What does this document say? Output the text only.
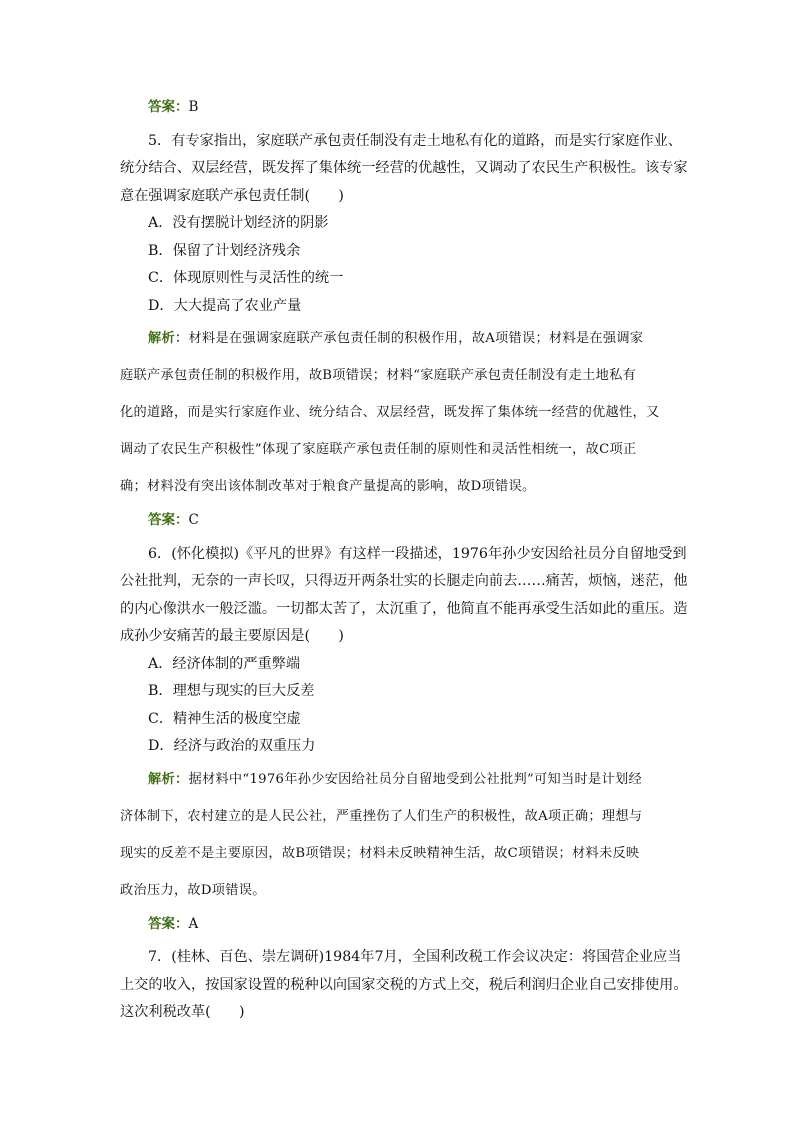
答案：B
5．有专家指出，家庭联产承包责任制没有走土地私有化的道路，而是实行家庭作业、
统分结合、双层经营，既发挥了集体统一经营的优越性，又调动了农民生产积极性。该专家
意在强调家庭联产承包责任制(　　)
A．没有摆脱计划经济的阴影
B．保留了计划经济残余
C．体现原则性与灵活性的统一
D．大大提高了农业产量
解析：材料是在强调家庭联产承包责任制的积极作用，故A项错误；材料是在强调家
庭联产承包责任制的积极作用，故B项错误；材料“家庭联产承包责任制没有走土地私有
化的道路，而是实行家庭作业、统分结合、双层经营，既发挥了集体统一经营的优越性，又
调动了农民生产积极性”体现了家庭联产承包责任制的原则性和灵活性相统一，故C项正
确；材料没有突出该体制改革对于粮食产量提高的影响，故D项错误。
答案：C
6．(怀化模拟)《平凡的世界》有这样一段描述，1976年孙少安因给社员分自留地受到
公社批判，无奈的一声长叹，只得迈开两条壮实的长腿走向前去……痛苦，烦恼，迷茫，他
的内心像洪水一般泛滥。一切都太苦了，太沉重了，他简直不能再承受生活如此的重压。造
成孙少安痛苦的最主要原因是(　　)
A．经济体制的严重弊端
B．理想与现实的巨大反差
C．精神生活的极度空虚
D．经济与政治的双重压力
解析：据材料中“1976年孙少安因给社员分自留地受到公社批判”可知当时是计划经
济体制下，农村建立的是人民公社，严重挫伤了人们生产的积极性，故A项正确；理想与
现实的反差不是主要原因，故B项错误；材料未反映精神生活，故C项错误；材料未反映
政治压力，故D项错误。
答案：A
7．(桂林、百色、崇左调研)1984年7月，全国利改税工作会议决定：将国营企业应当
上交的收入，按国家设置的税种以向国家交税的方式上交，税后利润归企业自己安排使用。
这次利税改革(　　)
